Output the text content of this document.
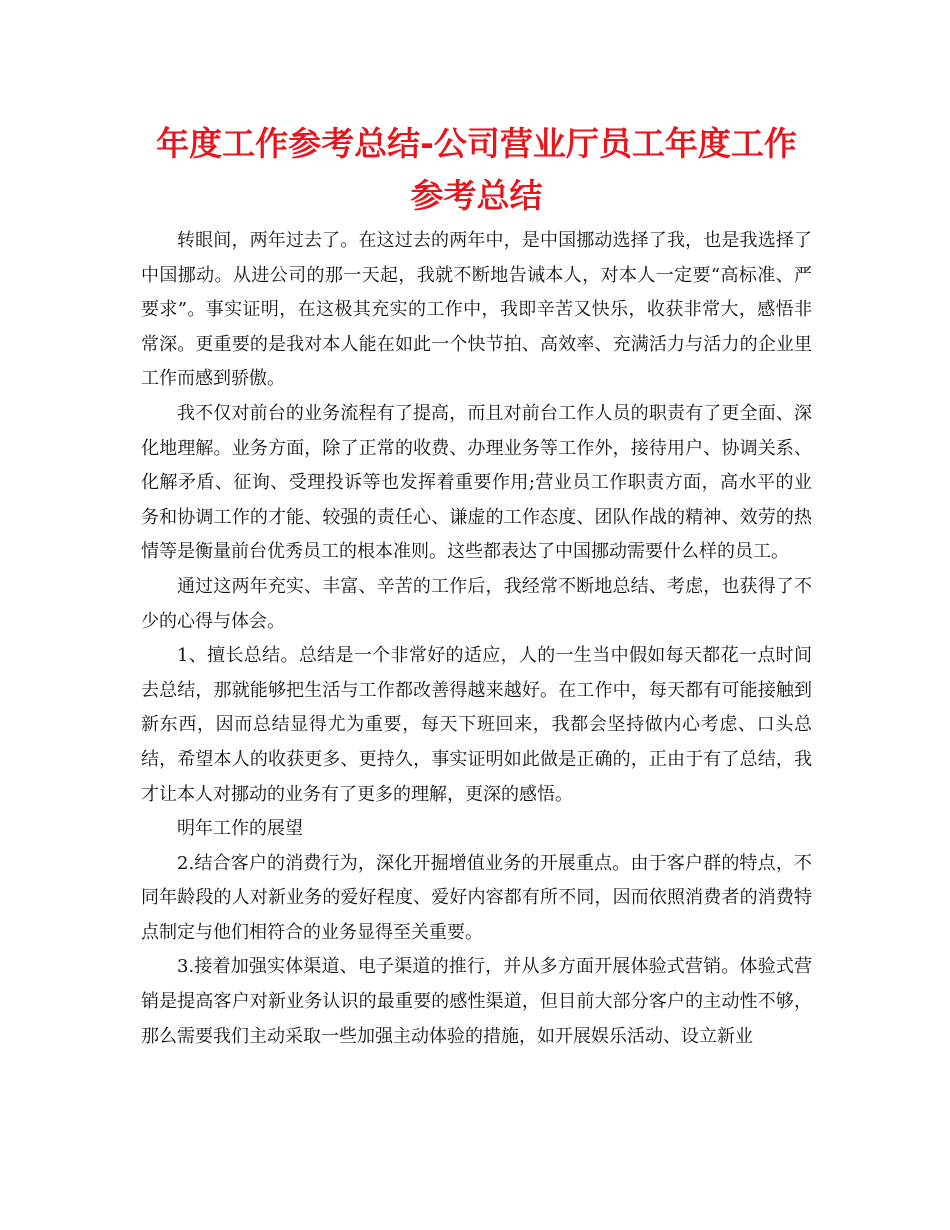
年度工作参考总结-公司营业厅员工年度工作参考总结

转眼间，两年过去了。在这过去的两年中，是中国挪动选择了我，也是我选择了中国挪动。从进公司的那一天起，我就不断地告诫本人，对本人一定要“高标准、严要求”。事实证明，在这极其充实的工作中，我即辛苦又快乐，收获非常大，感悟非常深。更重要的是我对本人能在如此一个快节拍、高效率、充满活力与活力的企业里工作而感到骄傲。

我不仅对前台的业务流程有了提高，而且对前台工作人员的职责有了更全面、深化地理解。业务方面，除了正常的收费、办理业务等工作外，接待用户、协调关系、化解矛盾、征询、受理投诉等也发挥着重要作用;营业员工作职责方面，高水平的业务和协调工作的才能、较强的责任心、谦虚的工作态度、团队作战的精神、效劳的热情等是衡量前台优秀员工的根本准则。这些都表达了中国挪动需要什么样的员工。

通过这两年充实、丰富、辛苦的工作后，我经常不断地总结、考虑，也获得了不少的心得与体会。

1、擅长总结。总结是一个非常好的适应，人的一生当中假如每天都花一点时间去总结，那就能够把生活与工作都改善得越来越好。在工作中，每天都有可能接触到新东西，因而总结显得尤为重要，每天下班回来，我都会坚持做内心考虑、口头总结，希望本人的收获更多、更持久，事实证明如此做是正确的，正由于有了总结，我才让本人对挪动的业务有了更多的理解，更深的感悟。

明年工作的展望

2.结合客户的消费行为，深化开掘增值业务的开展重点。由于客户群的特点，不同年龄段的人对新业务的爱好程度、爱好内容都有所不同，因而依照消费者的消费特点制定与他们相符合的业务显得至关重要。

3.接着加强实体渠道、电子渠道的推行，并从多方面开展体验式营销。体验式营销是提高客户对新业务认识的最重要的感性渠道，但目前大部分客户的主动性不够，那么需要我们主动采取一些加强主动体验的措施，如开展娱乐活动、设立新业
